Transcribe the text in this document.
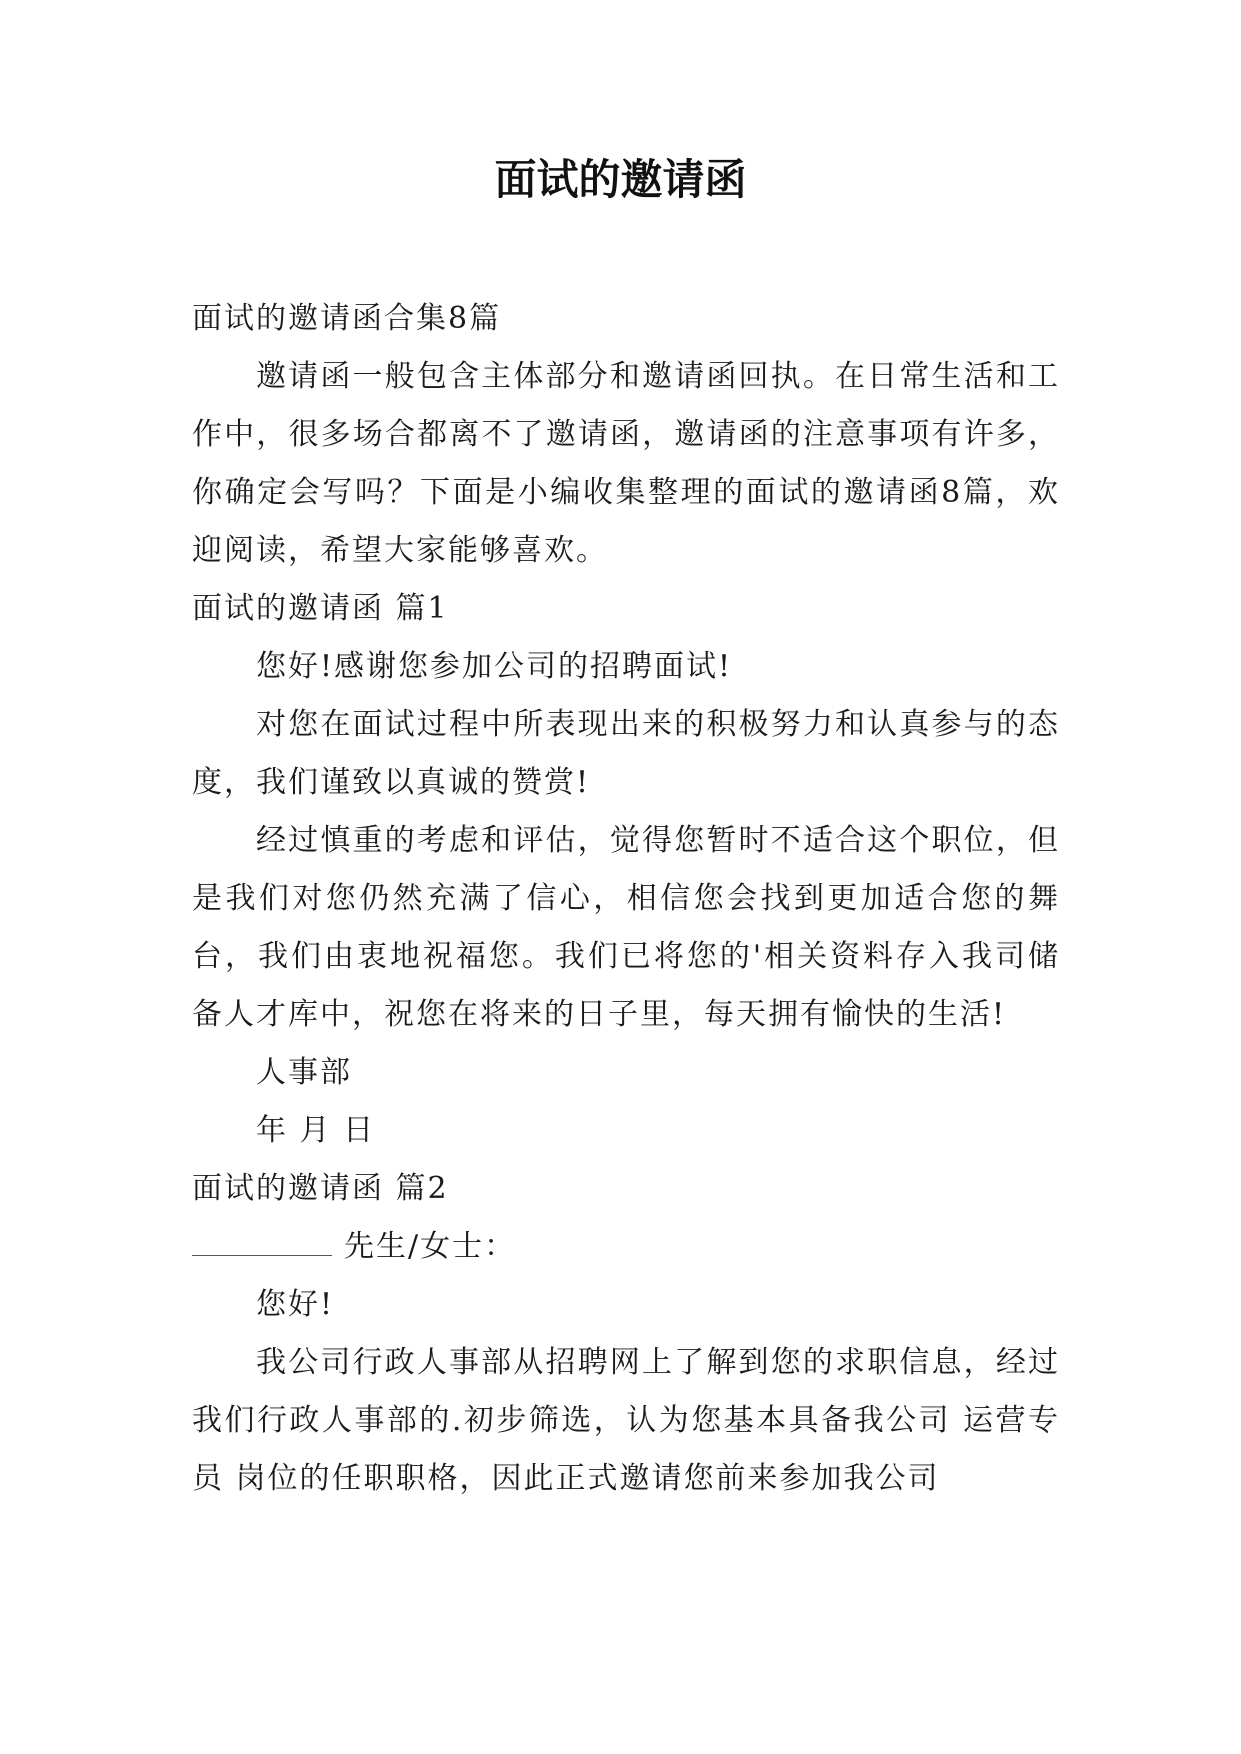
面试的邀请函

面试的邀请函合集8篇

邀请函一般包含主体部分和邀请函回执。在日常生活和工作中，很多场合都离不了邀请函，邀请函的注意事项有许多，你确定会写吗？下面是小编收集整理的面试的邀请函8篇，欢迎阅读，希望大家能够喜欢。

面试的邀请函 篇1

您好!感谢您参加公司的招聘面试!

对您在面试过程中所表现出来的积极努力和认真参与的态度，我们谨致以真诚的赞赏!

经过慎重的考虑和评估，觉得您暂时不适合这个职位，但是我们对您仍然充满了信心，相信您会找到更加适合您的舞台，我们由衷地祝福您。我们已将您的'相关资料存入我司储备人才库中，祝您在将来的日子里，每天拥有愉快的生活!

人事部

年 月 日

面试的邀请函 篇2

先生/女士：

您好!

我公司行政人事部从招聘网上了解到您的求职信息，经过我们行政人事部的.初步筛选，认为您基本具备我公司 运营专员 岗位的任职职格，因此正式邀请您前来参加我公司
